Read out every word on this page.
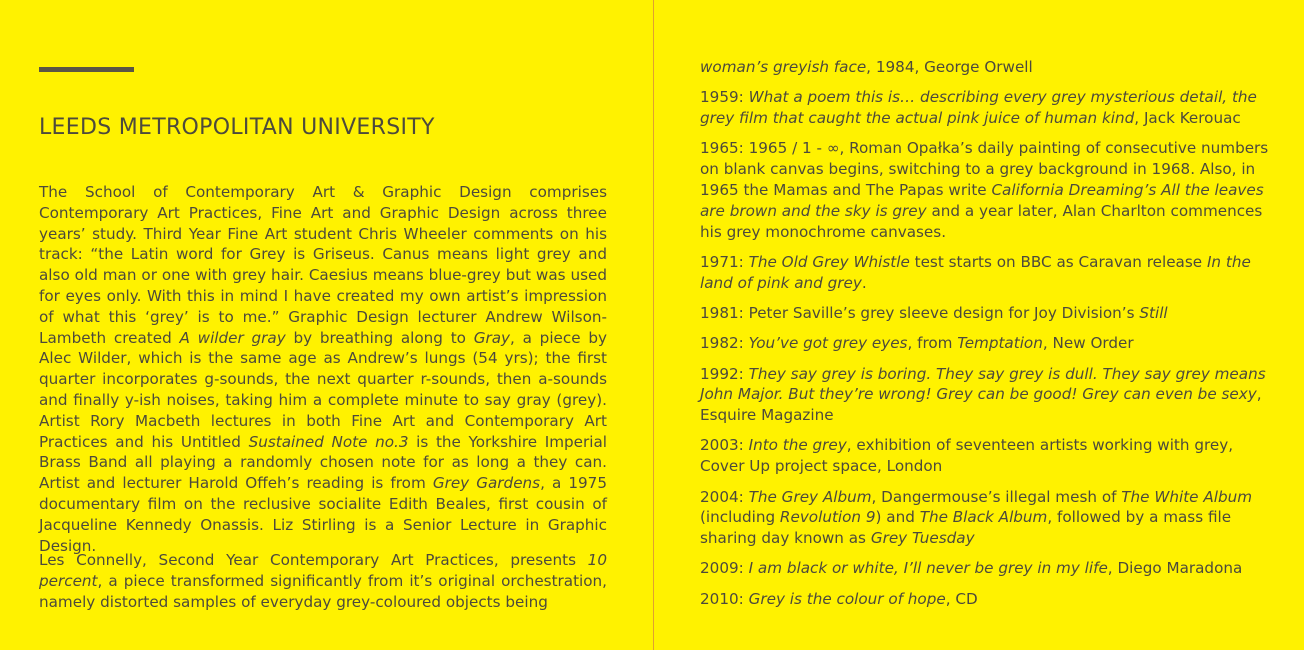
LEEDS METROPOLITAN UNIVERSITY

The School of Contemporary Art & Graphic Design comprises Contemporary Art Practices, Fine Art and Graphic Design across three years’ study. Third Year Fine Art student Chris Wheeler comments on his track: “the Latin word for Grey is Griseus. Canus means light grey and also old man or one with grey hair. Caesius means blue-grey but was used for eyes only. With this in mind I have created my own artist’s impression of what this ‘grey’ is to me.” Graphic Design lecturer Andrew Wilson-Lambeth created A wilder gray by breathing along to Gray, a piece by Alec Wilder, which is the same age as Andrew’s lungs (54 yrs); the first quarter incorporates g-sounds, the next quarter r-sounds, then a-sounds and finally y-ish noises, taking him a complete minute to say gray (grey). Artist Rory Macbeth lectures in both Fine Art and Contemporary Art Practices and his Untitled Sustained Note no.3 is the Yorkshire Imperial Brass Band all playing a randomly chosen note for as long a they can. Artist and lecturer Harold Offeh’s reading is from Grey Gardens, a 1975 documentary film on the reclusive socialite Edith Beales, first cousin of Jacqueline Kennedy Onassis. Liz Stirling is a Senior Lecture in Graphic Design.

Les Connelly, Second Year Contemporary Art Practices, presents 10 percent, a piece transformed significantly from it’s original orchestration, namely distorted samples of everyday grey-coloured objects being

woman’s greyish face, 1984, George Orwell

1959: What a poem this is… describing every grey mysterious detail, the grey film that caught the actual pink juice of human kind, Jack Kerouac

1965: 1965 / 1 - ∞, Roman Opałka’s daily painting of consecutive numbers on blank canvas begins, switching to a grey background in 1968. Also, in 1965 the Mamas and The Papas write California Dreaming’s All the leaves are brown and the sky is grey and a year later, Alan Charlton commences his grey monochrome canvases.

1971: The Old Grey Whistle test starts on BBC as Caravan release In the land of pink and grey.

1981: Peter Saville’s grey sleeve design for Joy Division’s Still

1982: You’ve got grey eyes, from Temptation, New Order

1992: They say grey is boring. They say grey is dull. They say grey means John Major. But they’re wrong! Grey can be good! Grey can even be sexy, Esquire Magazine

2003: Into the grey, exhibition of seventeen artists working with grey, Cover Up project space, London

2004: The Grey Album, Dangermouse’s illegal mesh of The White Album (including Revolution 9) and The Black Album, followed by a mass file sharing day known as Grey Tuesday

2009: I am black or white, I’ll never be grey in my life, Diego Maradona

2010: Grey is the colour of hope, CD
